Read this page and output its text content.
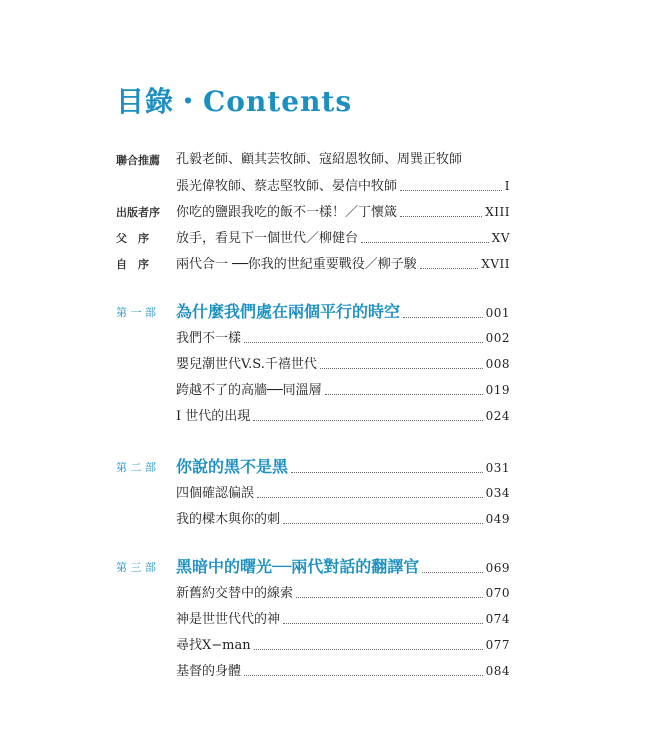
目錄・Contents
聯合推薦	孔毅老師、顧其芸牧師、寇紹恩牧師、周巽正牧師
張光偉牧師、蔡志堅牧師、晏信中牧師	I
出版者序	你吃的鹽跟我吃的飯不一樣！／丁懷箴	XIII
父　序	放手，看見下一個世代／柳健台	XV
自　序	兩代合一 ──你我的世紀重要戰役／柳子駿	XVII
第 一 部	為什麼我們處在兩個平行的時空	001
我們不一樣	002
嬰兒潮世代V.S.千禧世代	008
跨越不了的高牆──同溫層	019
I 世代的出現	024
第 二 部	你說的黑不是黑	031
四個確認偏誤	034
我的樑木與你的刺	049
第 三 部	黑暗中的曙光──兩代對話的翻譯官	069
新舊約交替中的線索	070
神是世世代代的神	074
尋找X−man	077
基督的身體	084
